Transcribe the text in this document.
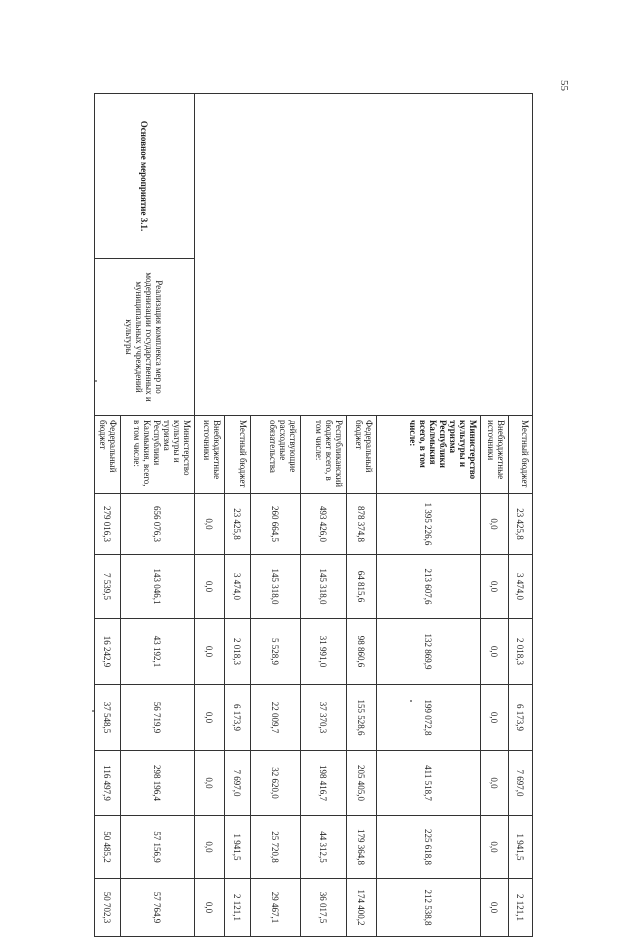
55
	Местный бюджет	23 425,8	3 474,0	2 018,3	6 173,9	7 697,0	1 941,5	2 121,1
	Внебюджетные источники	0,0	0,0	0,0	0,0	0,0	0,0	0,0
	Министерство культуры и туризма Республики Калмыкия всего, в том числе:	1 395 226,6	213 607,6	132 869,9	199 072,8	411 518,7	225 618,8	212 538,8
	Федеральный бюджет	878 374,8	64 815,6	98 860,6	155 528,6	205 405,0	179 364,8	174 400,2
	Республиканский бюджет всего, в том числе:	493 426,0	145 318,0	31 991,0	37 370,3	198 416,7	44 312,5	36 017,5
	действующие расходные обязательства	260 664,5	145 318,0	5 528,9	22 009,7	32 620,0	25 720,8	29 467,1
	Местный бюджет	23 425,8	3 474,0	2 018,3	6 173,9	7 697,0	1 941,5	2 121,1
	Внебюджетные источники	0,0	0,0	0,0	0,0	0,0	0,0	0,0

Основное мероприятие 3.1.
Реализация комплекса мер по модернизации государственных и муниципальных учреждений культуры	Министерство культуры и туризма Республики Калмыкия, всего, в том числе:	656 076,3	143 046,1	43 192,1	56 719,9	298 196,4	57 156,9	57 764,9
	Федеральный бюджет	279 016,3	7 539,5	16 242,9	37 548,5	116 497,9	50 485,2	50 702,3
